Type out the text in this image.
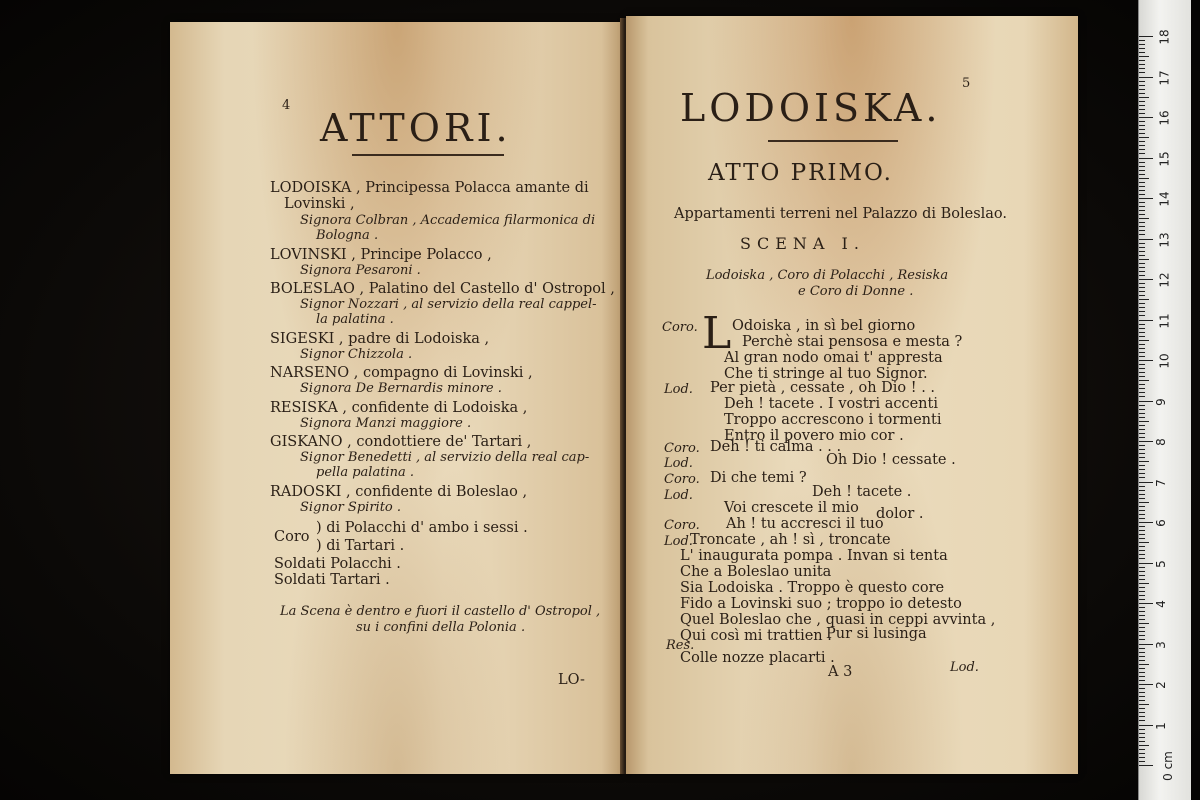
4
ATTORI.
LODOISKA , Principessa Polacca amante di
Lovinski ,
Signora Colbran , Accademica filarmonica di
Bologna .
LOVINSKI , Principe Polacco ,
Signora Pesaroni .
BOLESLAO , Palatino del Castello d' Ostropol ,
Signor Nozzari , al servizio della real cappel-
la palatina .
SIGESKI , padre di Lodoiska ,
Signor Chizzola .
NARSENO , compagno di Lovinski ,
Signora De Bernardis minore .
RESISKA , confidente di Lodoiska ,
Signora Manzi maggiore .
GISKANO , condottiere de' Tartari ,
Signor Benedetti , al servizio della real cap-
pella palatina .
RADOSKI , confidente di Boleslao ,
Signor Spirito .
Coro
) di Polacchi d' ambo i sessi .
) di Tartari .
Soldati Polacchi .
Soldati Tartari .
La Scena è dentro e fuori il castello d' Ostropol ,
su i confini della Polonia .
LO-
5
LODOISKA.
ATTO PRIMO.
Appartamenti terreni nel Palazzo di Boleslao.
SCENA I.
Lodoiska , Coro di Polacchi , Resiska
e Coro di Donne .
L
Coro. Odoiska , in sì bel giorno
Perchè stai pensosa e mesta ?
Al gran nodo omai t' appresta
Che ti stringe al tuo Signor.
Lod. Per pietà , cessate , oh Dio ! . .
Deh ! tacete . I vostri accenti
Troppo accrescono i tormenti
Entro il povero mio cor .
Coro. Deh ! ti calma . . .
Lod.	Oh Dio ! cessate .
Coro. Di che temi ?
Lod.	Deh ! tacete .
Voi crescete il mio dolor .
Coro. Ah ! tu accresci il tuo
Lod.
Troncate , ah ! sì , troncate
L' inaugurata pompa . Invan si tenta
Che a Boleslao unita
Sia Lodoiska . Troppo è questo core
Fido a Lovinski suo ; troppo io detesto
Quel Boleslao che , quasi in ceppi avvinta ,
Qui così mi trattien .
Pur si lusinga
Res.
Colle nozze placarti .
A 3	Lod.
18
17
16
15
14
13
12
11
10
9
8
7
6
5
4
3
2
1
0 cm
